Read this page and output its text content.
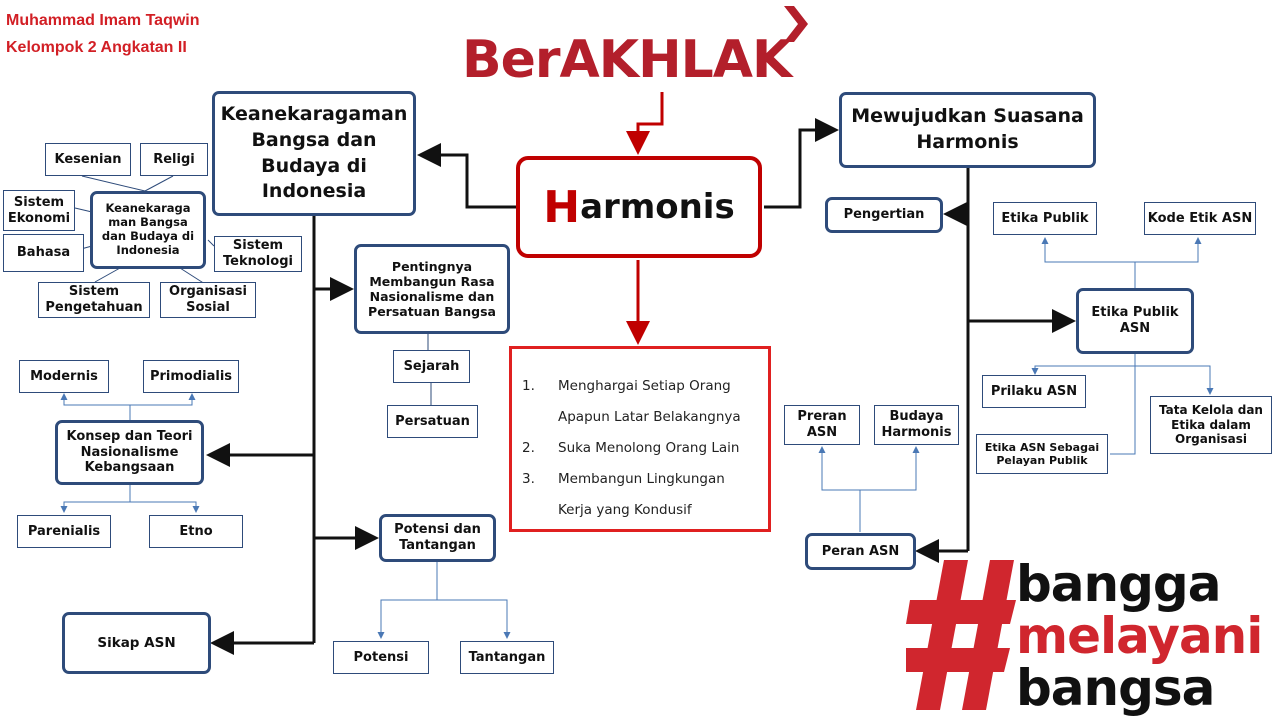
Muhammad Imam Taqwin
Kelompok 2 Angkatan II	BerAKHLAK
H armonis
1.	Menghargai Setiap Orang
Apapun Latar Belakangnya
2.	Suka Menolong Orang Lain
3.	Membangun Lingkungan
Kerja yang Kondusif
Keanekaragaman Bangsa dan Budaya di Indonesia
Kesenian	Religi
Sistem Ekonomi
Bahasa
Keanekaraga man Bangsa dan Budaya di Indonesia	Sistem Teknologi
Sistem Pengetahuan
Organisasi Sosial
Pentingnya Membangun Rasa Nasionalisme dan Persatuan Bangsa
Sejarah
Persatuan
Modernis	Primodialis
Konsep dan Teori Nasionalisme Kebangsaan
Parenialis	Etno	Potensi dan Tantangan
Potensi	Tantangan
Sikap ASN
Mewujudkan Suasana Harmonis
Pengertian	Etika Publik	Kode Etik ASN
Etika Publik ASN
Prilaku ASN
Tata Kelola dan Etika dalam Organisasi
Etika ASN Sebagai Pelayan Publik
Preran ASN
Budaya Harmonis
Peran ASN
bangga
melayani
bangsa
